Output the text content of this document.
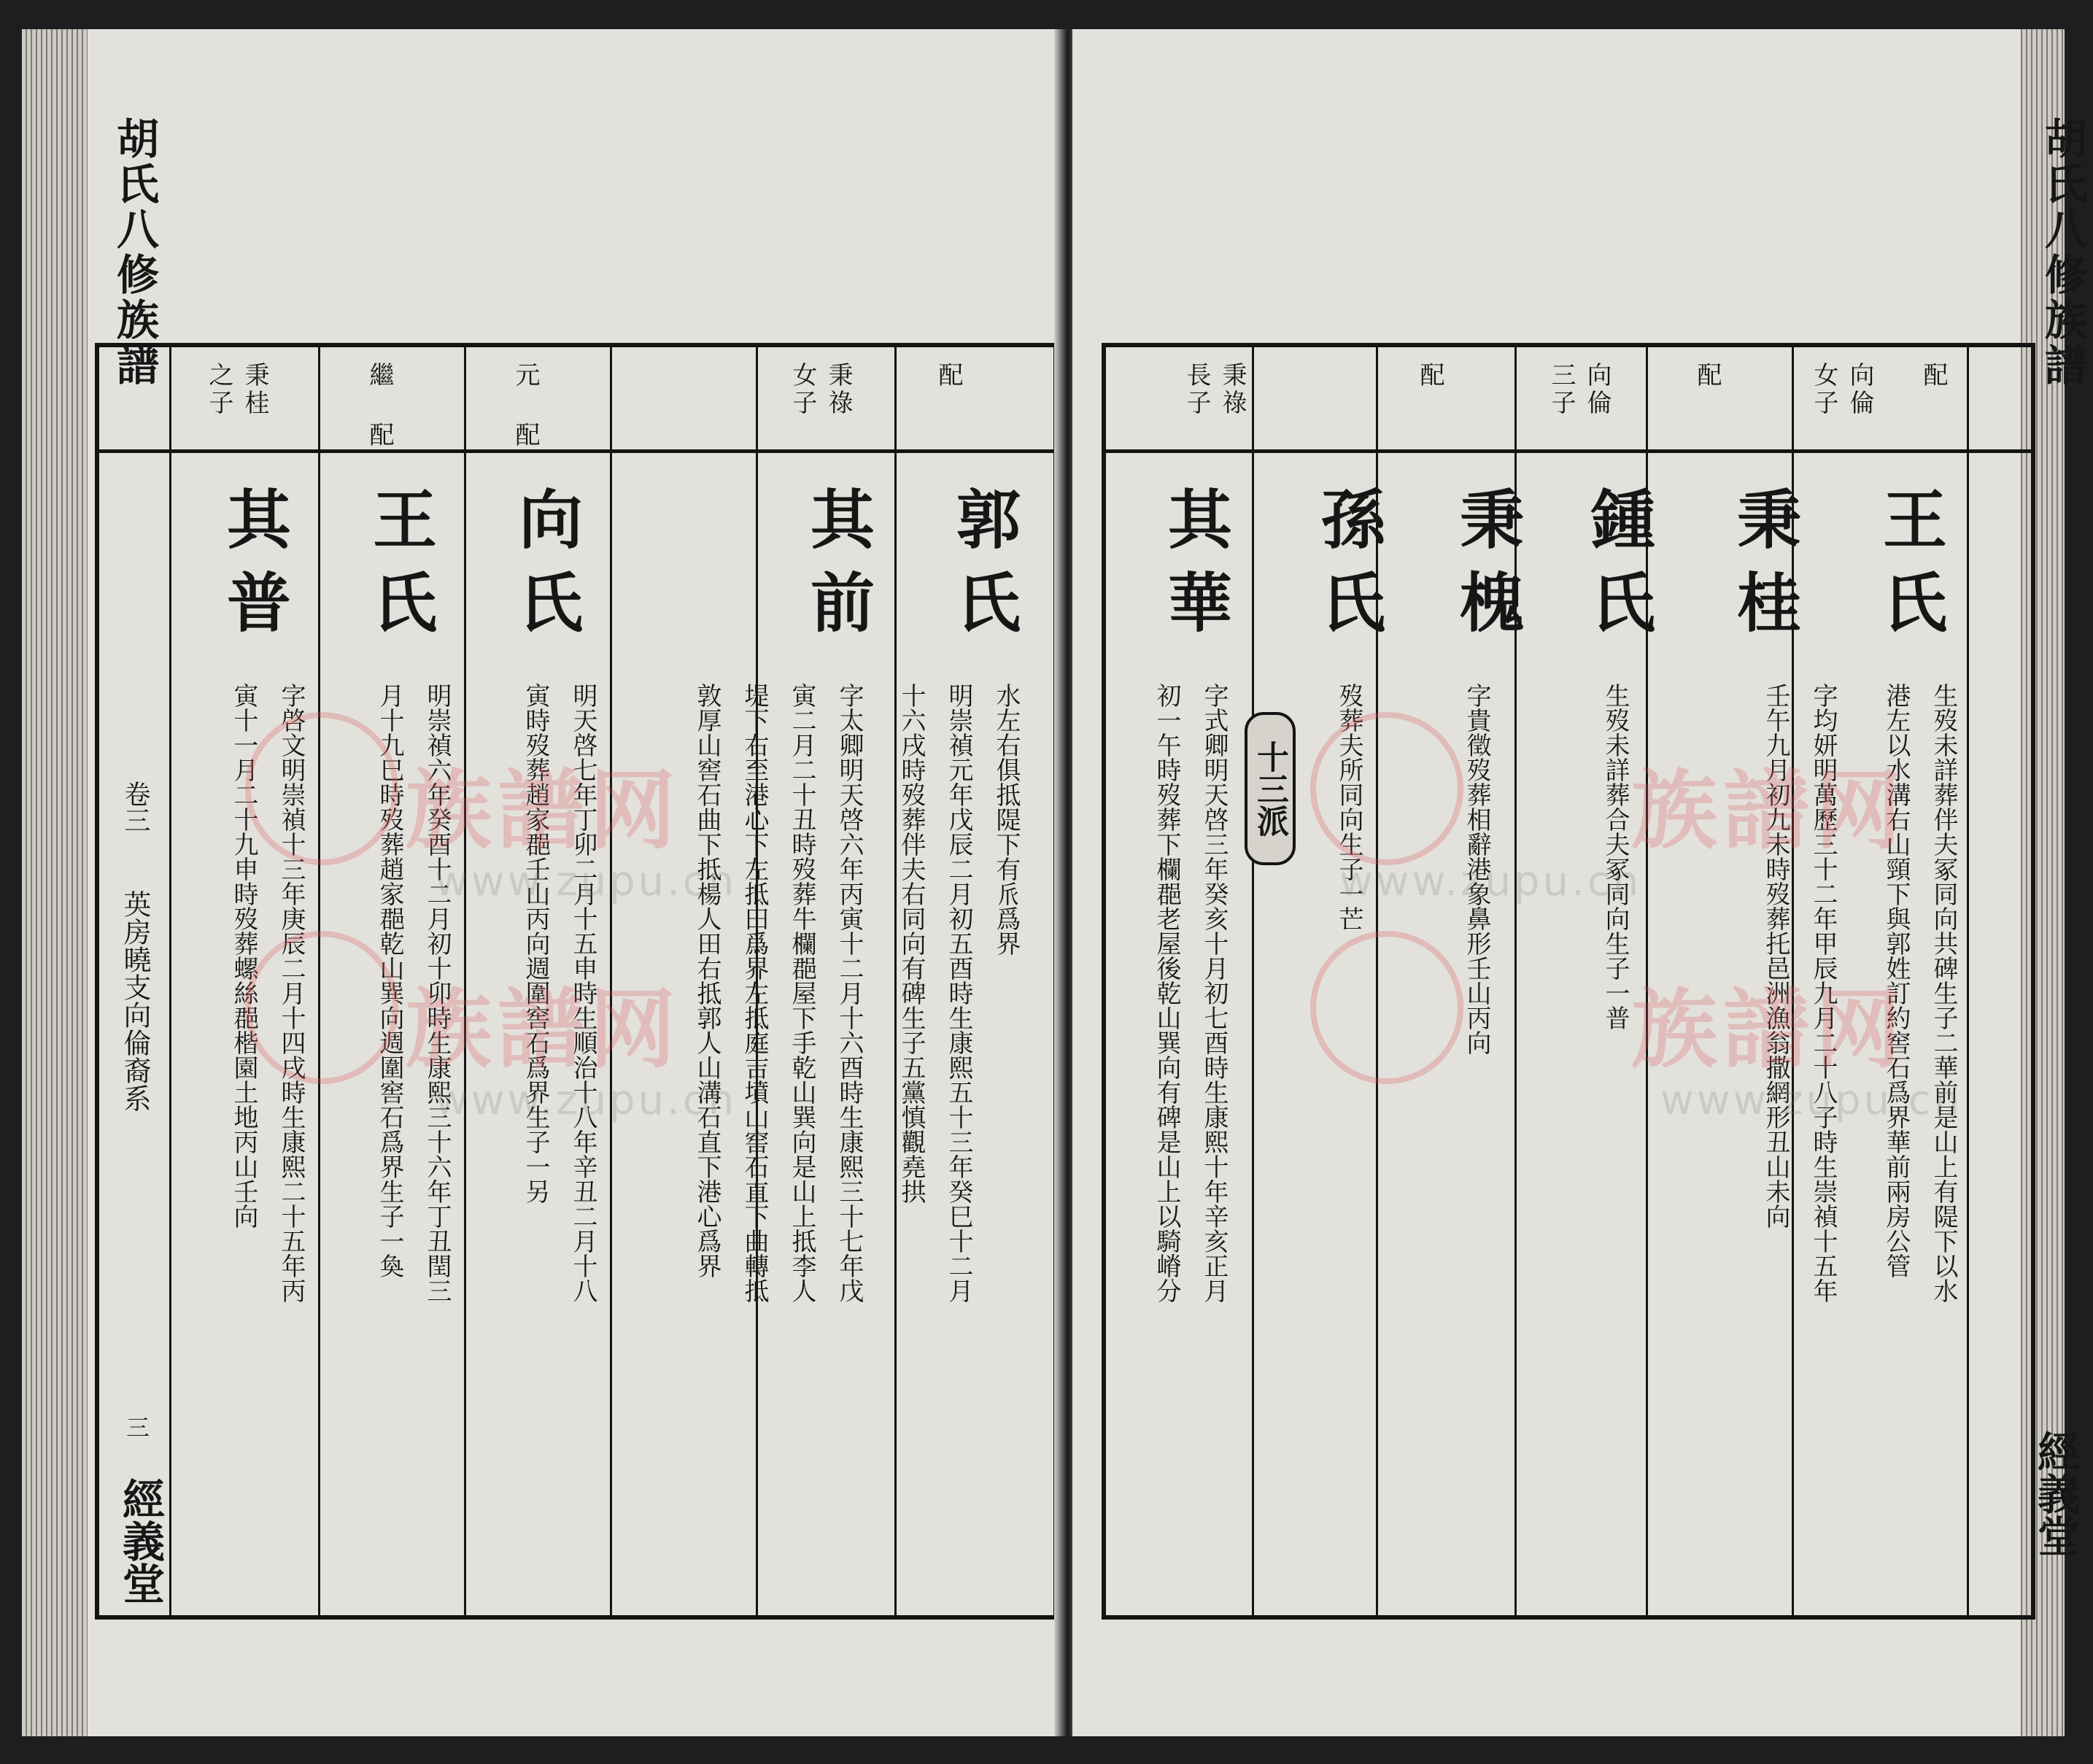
胡氏八修族譜
卷三
英房曉支向倫裔系
三
經義堂
配
秉祿
女子
元 配
繼 配
秉桂
之子
郭氏
其前
向氏
王氏
其普
水左右俱抵隄下有𠂢爲界
明崇禎元年戊辰二月初五酉時生康熙五十三年癸巳十二月
十六戌時歿葬伴夫右同向有碑生子五黨慎觀堯拱
字太卿明天啓六年丙寅十二月十六酉時生康熙三十七年戊
寅二月二十丑時歿葬牛欄𨛦屋下手乾山巽向是山上抵李人
堤下右至港心下左抵田爲界左抵庭吉墳山窖石直下曲轉抵
敦厚山窖石曲下抵楊人田右抵郭人山溝石直下港心爲界
明天啓七年丁卯二月十五申時生順治十八年辛丑二月十八
寅時歿葬趙家𨛦壬山丙向週圍窖石爲界生子一另
明崇禎六年癸酉十二月初十卯時生康熙三十六年丁丑閏三
月十九巳時歿葬趙家𨛦乾山巽向週圍窖石爲界生子一奐
字啓文明崇禎十三年庚辰二月十四戌時生康熙二十五年丙
寅十一月二十九申時歿葬螺絲𨛦楷園土地丙山壬向 族譜网
族譜网
www.zupu.cn
www.zupu.cn
胡氏八修族譜
經義堂
配
向倫
女子
配
向倫
三子
配
秉祿
長子
王氏
秉桂
鍾氏
秉槐
孫氏
其華
生歿未詳葬伴夫冢同向共碑生子二華前是山上有隄下以水
港左以水溝右山頸下與郭姓訂約窖石爲界華前兩房公管
字均妍明萬歷三十二年甲辰九月二十八子時生崇禎十五年
壬午九月初九未時歿葬托邑洲漁翁撒網形丑山未向
生歿未詳葬合夫冢同向生子一普
字貴徵歿葬相辭港象鼻形壬山丙向
歿葬夫所同向生子一芒
字式卿明天啓三年癸亥十月初七酉時生康熙十年辛亥正月
初一午時歿葬下欄𨛦老屋後乾山巽向有碑是山上以騎嵴分 十三派	族譜网
族譜网
www.zupu.cn
www.zupu.cn
